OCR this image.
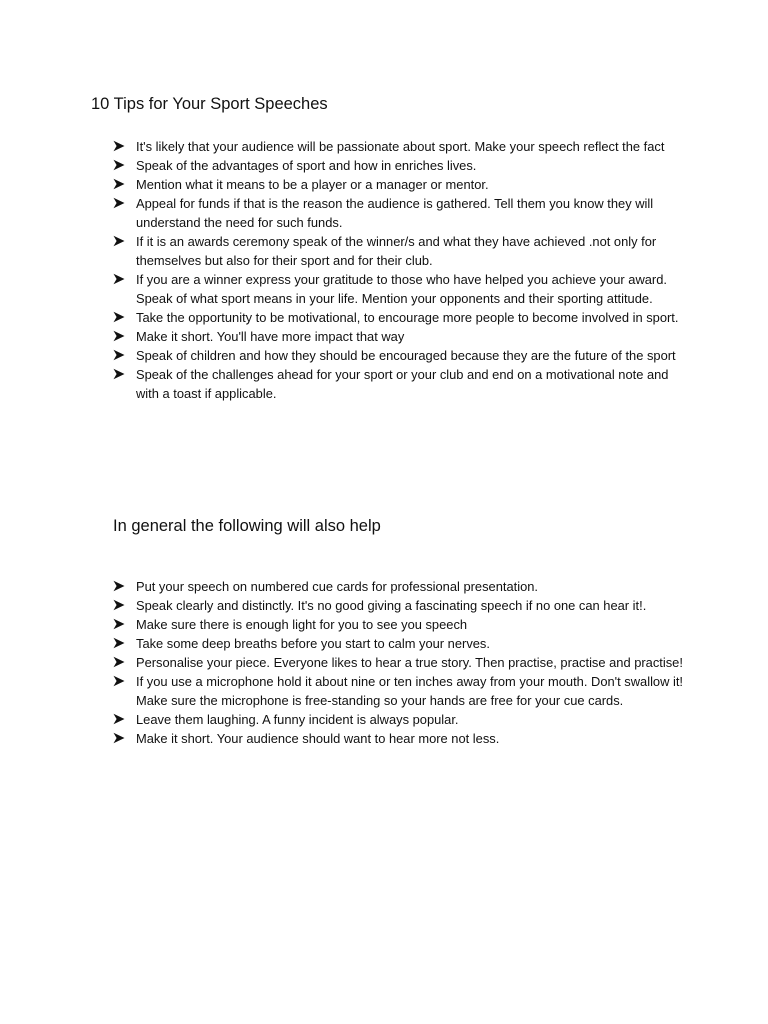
10 Tips for Your Sport Speeches
It's likely that your audience will be passionate about sport. Make your speech reflect the fact
Speak of the advantages of sport and how in enriches lives.
Mention what it means to be a player or a manager or mentor.
Appeal for funds if that is the reason the audience is gathered. Tell them you know they will understand the need for such funds.
If it is an awards ceremony speak of the winner/s and what they have achieved .not only for themselves but also for their sport and for their club.
If you are a winner express your gratitude to those who have helped you achieve your award. Speak of what sport means in your life. Mention your opponents and their sporting attitude.
Take the opportunity to be motivational, to encourage more people to become involved in sport.
Make it short. You'll have more impact that way
Speak of children and how they should be encouraged because they are the future of the sport
Speak of the challenges ahead for your sport or your club and end on a motivational note and with a toast if applicable.
In general the following will also help
Put your speech on numbered cue cards for professional presentation.
Speak clearly and distinctly. It's no good giving a fascinating speech if no one can hear it!.
Make sure there is enough light for you to see you speech
Take some deep breaths before you start to calm your nerves.
Personalise your piece. Everyone likes to hear a true story. Then practise, practise and practise!
If you use a microphone hold it about nine or ten inches away from your mouth. Don't swallow it! Make sure the microphone is free-standing so your hands are free for your cue cards.
Leave them laughing. A funny incident is always popular.
Make it short. Your audience should want to hear more not less.
